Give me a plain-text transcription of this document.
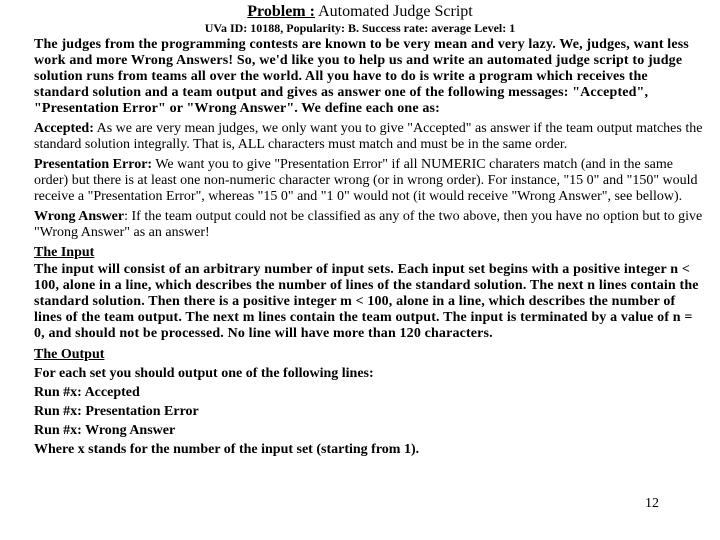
Problem : Automated Judge Script
UVa ID: 10188, Popularity: B. Success rate: average Level: 1

The judges from the programming contests are known to be very mean and very lazy. We, judges, want less work and more Wrong Answers! So, we'd like you to help us and write an automated judge script to judge solution runs from teams all over the world. All you have to do is write a program which receives the standard solution and a team output and gives as answer one of the following messages: "Accepted", "Presentation Error" or "Wrong Answer". We define each one as:

Accepted: As we are very mean judges, we only want you to give "Accepted" as answer if the team output matches the standard solution integrally. That is, ALL characters must match and must be in the same order.

Presentation Error: We want you to give "Presentation Error" if all NUMERIC charaters match (and in the same order) but there is at least one non-numeric character wrong (or in wrong order). For instance, "15 0" and "150" would receive a "Presentation Error", whereas "15 0" and "1 0" would not (it would receive "Wrong Answer", see bellow).

Wrong Answer: If the team output could not be classified as any of the two above, then you have no option but to give "Wrong Answer" as an answer!

The Input

The input will consist of an arbitrary number of input sets. Each input set begins with a positive integer n < 100, alone in a line, which describes the number of lines of the standard solution. The next n lines contain the standard solution. Then there is a positive integer m < 100, alone in a line, which describes the number of lines of the team output. The next m lines contain the team output. The input is terminated by a value of n = 0, and should not be processed. No line will have more than 120 characters.

The Output
For each set you should output one of the following lines:
Run #x: Accepted
Run #x: Presentation Error
Run #x: Wrong Answer
Where x stands for the number of the input set (starting from 1).
12
